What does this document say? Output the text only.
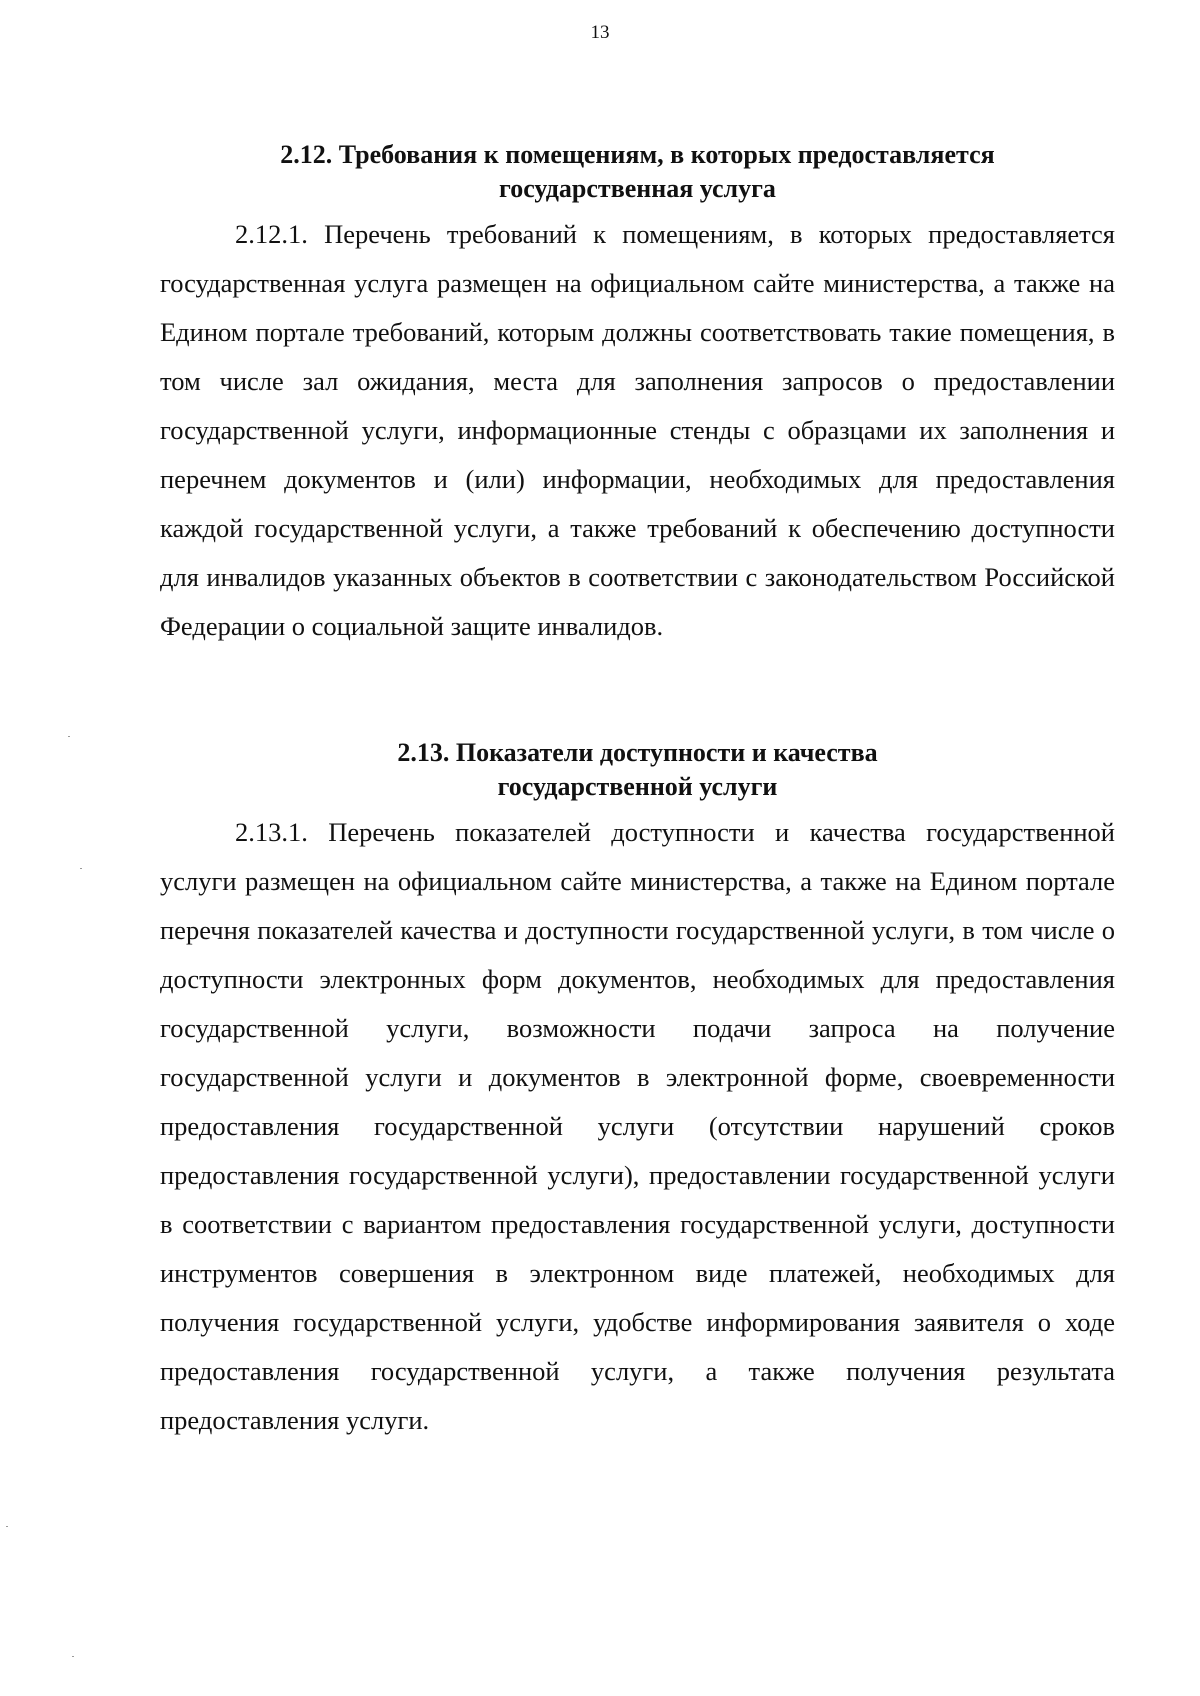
13
2.12. Требования к помещениям, в которых предоставляется
государственная услуга

2.12.1. Перечень требований к помещениям, в которых предоставляется государственная услуга размещен на официальном сайте министерства, а также на Едином портале требований, которым должны соответствовать такие помещения, в том числе зал ожидания, места для заполнения запросов о предоставлении государственной услуги, информационные стенды с образцами их заполнения и перечнем документов и (или) информации, необходимых для предоставления каждой государственной услуги, а также требований к обеспечению доступности для инвалидов указанных объектов в соответствии с законодательством Российской Федерации о социальной защите инвалидов.

2.13. Показатели доступности и качества
государственной услуги

2.13.1. Перечень показателей доступности и качества государственной услуги размещен на официальном сайте министерства, а также на Едином портале перечня показателей качества и доступности государственной услуги, в том числе о доступности электронных форм документов, необходимых для предоставления государственной услуги, возможности подачи запроса на получение государственной услуги и документов в электронной форме, своевременности предоставления государственной услуги (отсутствии нарушений сроков предоставления государственной услуги), предоставлении государственной услуги в соответствии с вариантом предоставления государственной услуги, доступности инструментов совершения в электронном виде платежей, необходимых для получения государственной услуги, удобстве информирования заявителя о ходе предоставления государственной услуги, а также получения результата предоставления услуги.
